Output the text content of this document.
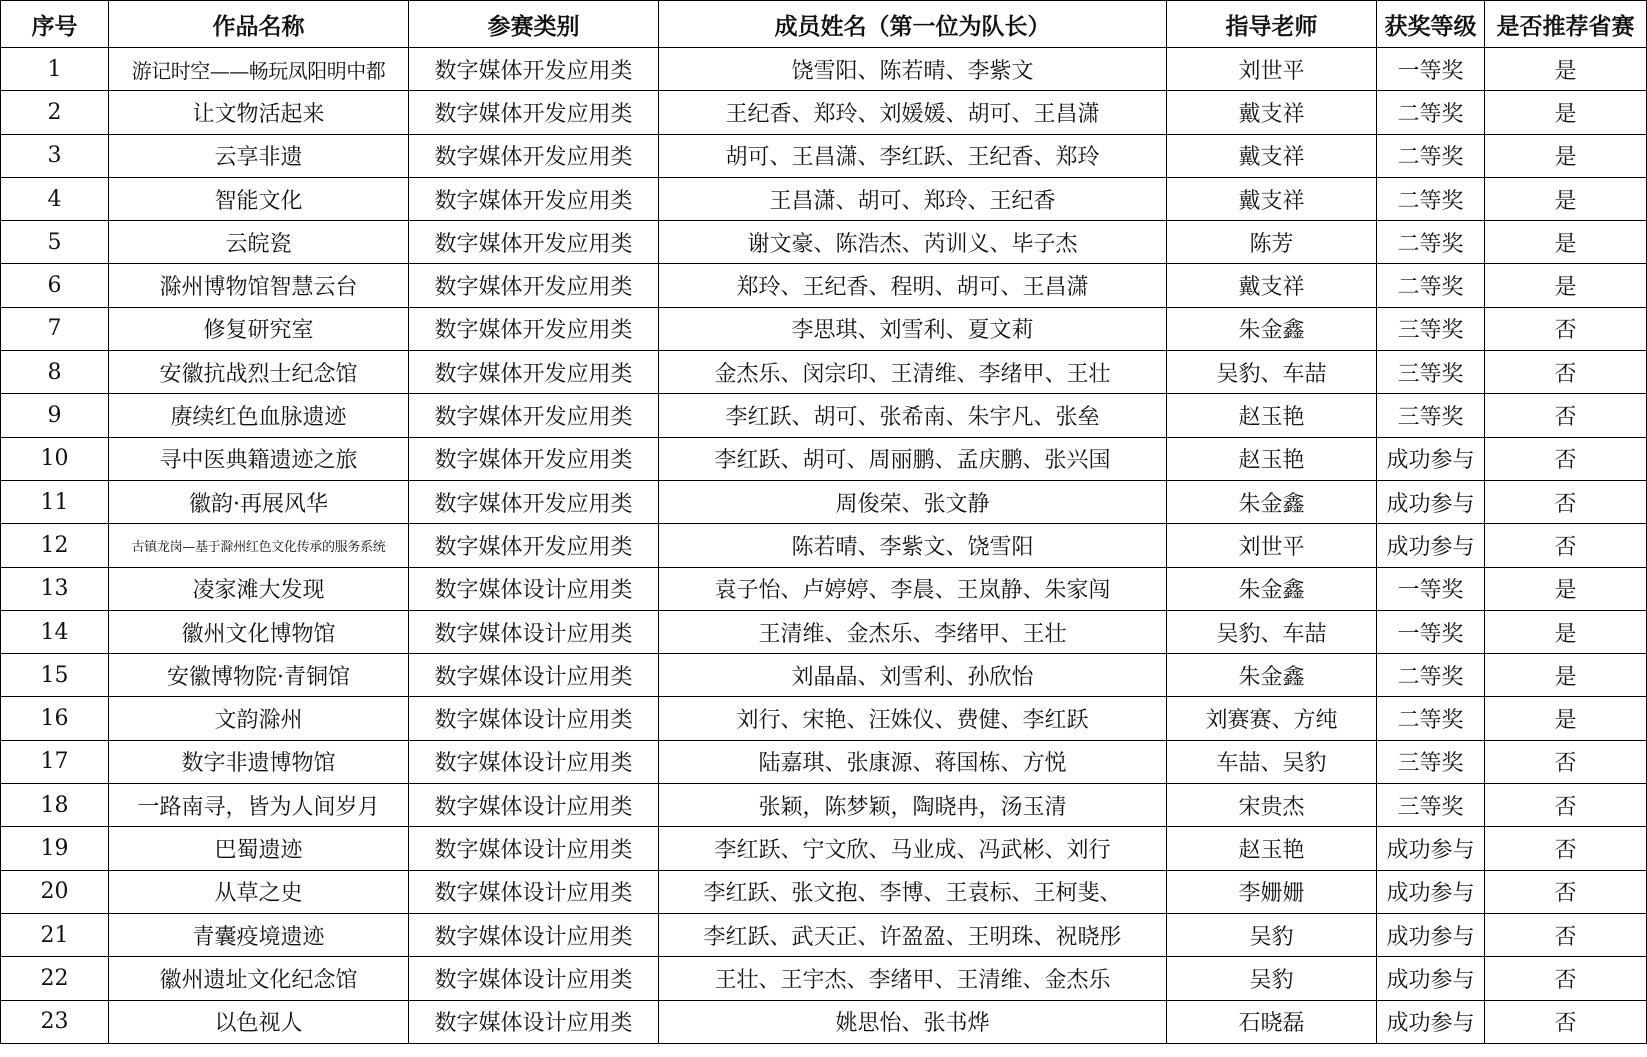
序号	作品名称	参赛类别	成员姓名（第一位为队长）	指导老师	获奖等级	是否推荐省赛
1	游记时空——畅玩凤阳明中都	数字媒体开发应用类	饶雪阳、陈若晴、李紫文	刘世平	一等奖	是
2	让文物活起来	数字媒体开发应用类	王纪香、郑玲、刘媛媛、胡可、王昌潇	戴支祥	二等奖	是
3	云享非遗	数字媒体开发应用类	胡可、王昌潇、李红跃、王纪香、郑玲	戴支祥	二等奖	是
4	智能文化	数字媒体开发应用类	王昌潇、胡可、郑玲、王纪香	戴支祥	二等奖	是
5	云皖瓷	数字媒体开发应用类	谢文豪、陈浩杰、芮训义、毕子杰	陈芳	二等奖	是
6	滁州博物馆智慧云台	数字媒体开发应用类	郑玲、王纪香、程明、胡可、王昌潇	戴支祥	二等奖	是
7	修复研究室	数字媒体开发应用类	李思琪、刘雪利、夏文莉	朱金鑫	三等奖	否
8	安徽抗战烈士纪念馆	数字媒体开发应用类	金杰乐、闵宗印、王清维、李绪甲、王壮	吴豹、车喆	三等奖	否
9	赓续红色血脉遗迹	数字媒体开发应用类	李红跃、胡可、张希南、朱宇凡、张垒	赵玉艳	三等奖	否
10	寻中医典籍遗迹之旅	数字媒体开发应用类	李红跃、胡可、周丽鹏、孟庆鹏、张兴国	赵玉艳	成功参与	否
11	徽韵·再展风华	数字媒体开发应用类	周俊荣、张文静	朱金鑫	成功参与	否
12	古镇龙岗—基于滁州红色文化传承的服务系统	数字媒体开发应用类	陈若晴、李紫文、饶雪阳	刘世平	成功参与	否
13	凌家滩大发现	数字媒体设计应用类	袁子怡、卢婷婷、李晨、王岚静、朱家闯	朱金鑫	一等奖	是
14	徽州文化博物馆	数字媒体设计应用类	王清维、金杰乐、李绪甲、王壮	吴豹、车喆	一等奖	是
15	安徽博物院·青铜馆	数字媒体设计应用类	刘晶晶、刘雪利、孙欣怡	朱金鑫	二等奖	是
16	文韵滁州	数字媒体设计应用类	刘行、宋艳、汪姝仪、费健、李红跃	刘赛赛、方纯	二等奖	是
17	数字非遗博物馆	数字媒体设计应用类	陆嘉琪、张康源、蒋国栋、方悦	车喆、吴豹	三等奖	否
18	一路南寻，皆为人间岁月	数字媒体设计应用类	张颖，陈梦颖，陶晓冉，汤玉清	宋贵杰	三等奖	否
19	巴蜀遗迹	数字媒体设计应用类	李红跃、宁文欣、马业成、冯武彬、刘行	赵玉艳	成功参与	否
20	从草之史	数字媒体设计应用类	李红跃、张文抱、李博、王袁标、王柯斐、	李姗姗	成功参与	否
21	青囊疫境遗迹	数字媒体设计应用类	李红跃、武天正、许盈盈、王明珠、祝晓彤	吴豹	成功参与	否
22	徽州遗址文化纪念馆	数字媒体设计应用类	王壮、王宇杰、李绪甲、王清维、金杰乐	吴豹	成功参与	否
23	以色视人	数字媒体设计应用类	姚思怡、张书烨	石晓磊	成功参与	否
